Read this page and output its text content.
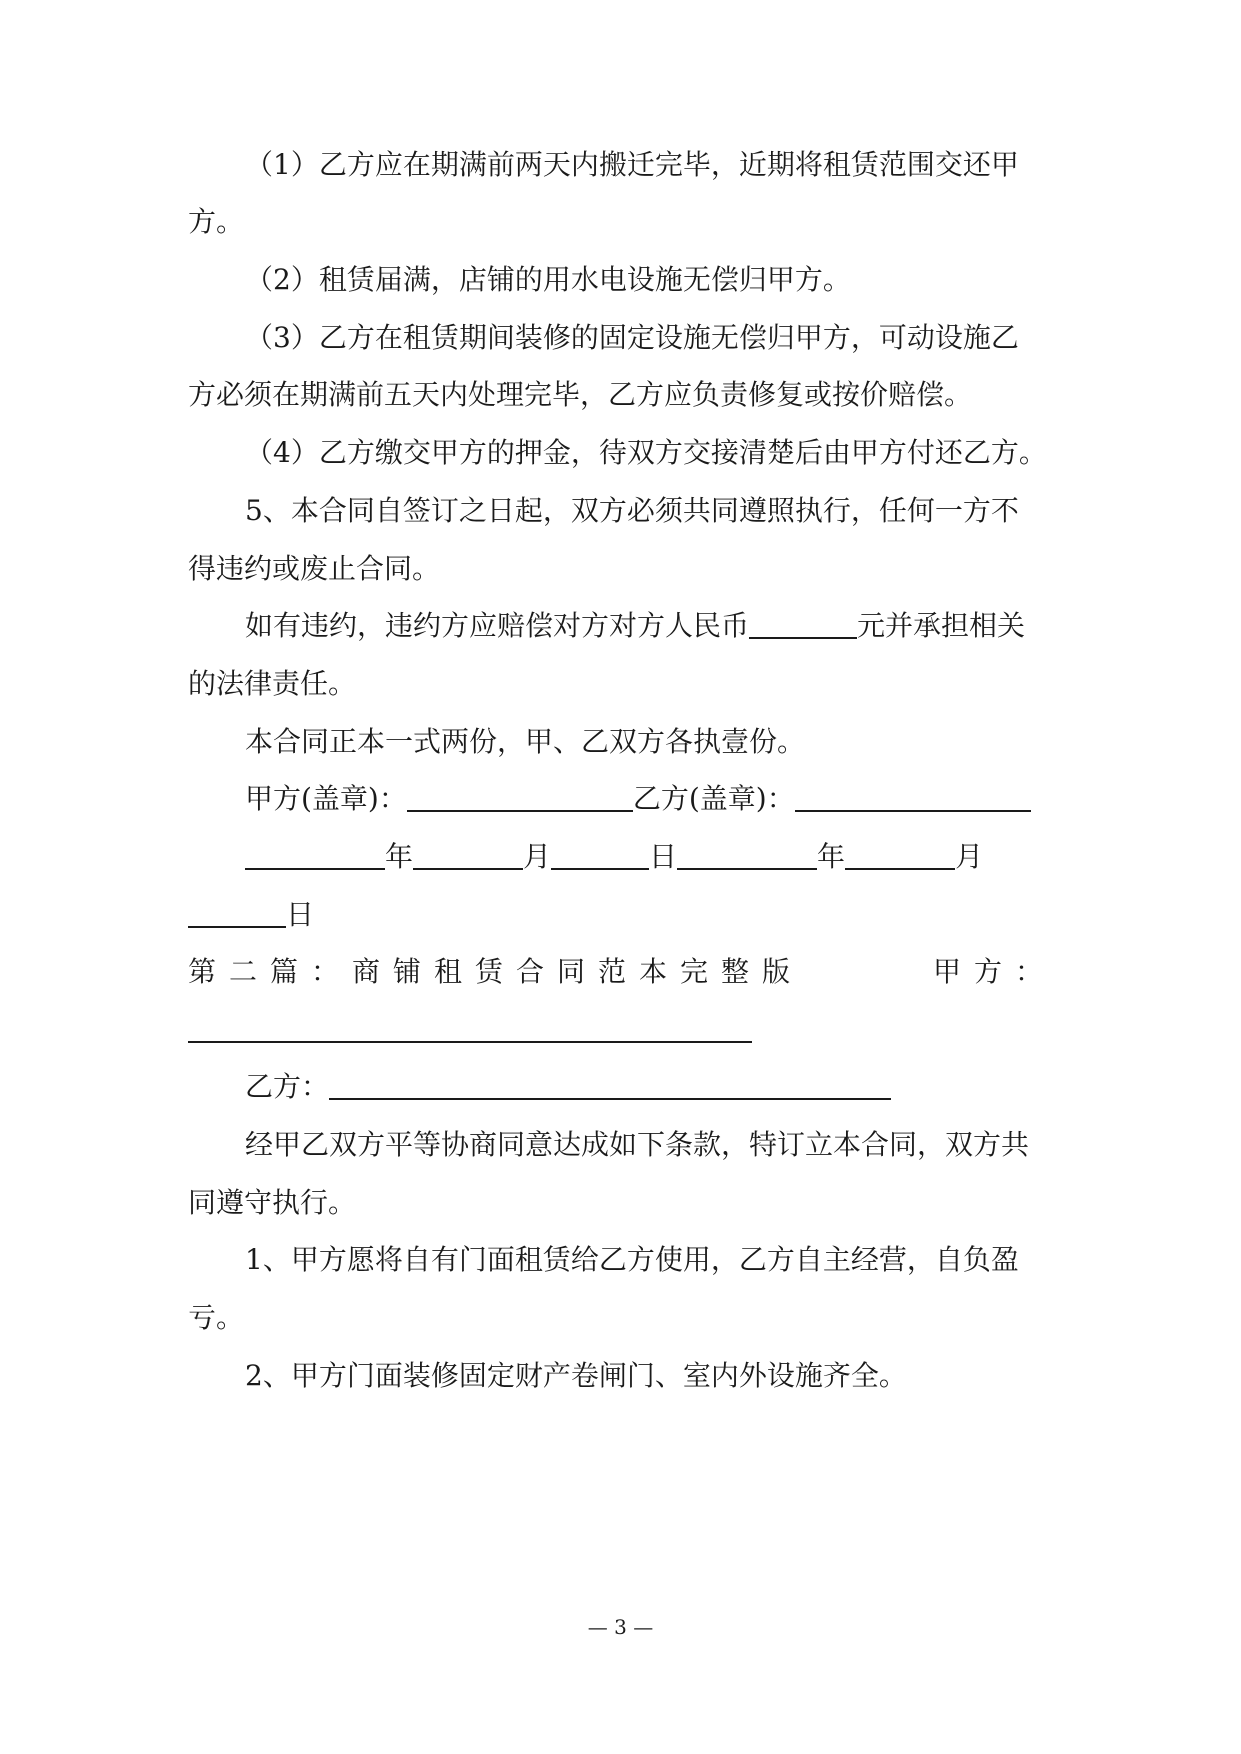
（1）乙方应在期满前两天内搬迁完毕，近期将租赁范围交还甲
方。
（2）租赁届满，店铺的用水电设施无偿归甲方。
（3）乙方在租赁期间装修的固定设施无偿归甲方，可动设施乙
方必须在期满前五天内处理完毕，乙方应负责修复或按价赔偿。
（4）乙方缴交甲方的押金，待双方交接清楚后由甲方付还乙方。
5、本合同自签订之日起，双方必须共同遵照执行，任何一方不
得违约或废止合同。
如有违约，违约方应赔偿对方对方人民币	元并承担相关
的法律责任。
本合同正本一式两份，甲、乙双方各执壹份。
甲方(盖章)：	乙方(盖章)：
年	月	日	年	月
日
第二篇：商铺租赁合同范本完整版	甲方：
乙方：
经甲乙双方平等协商同意达成如下条款，特订立本合同，双方共
同遵守执行。
1、甲方愿将自有门面租赁给乙方使用，乙方自主经营，自负盈
亏。
2、甲方门面装修固定财产卷闸门、室内外设施齐全。
— 3 —
